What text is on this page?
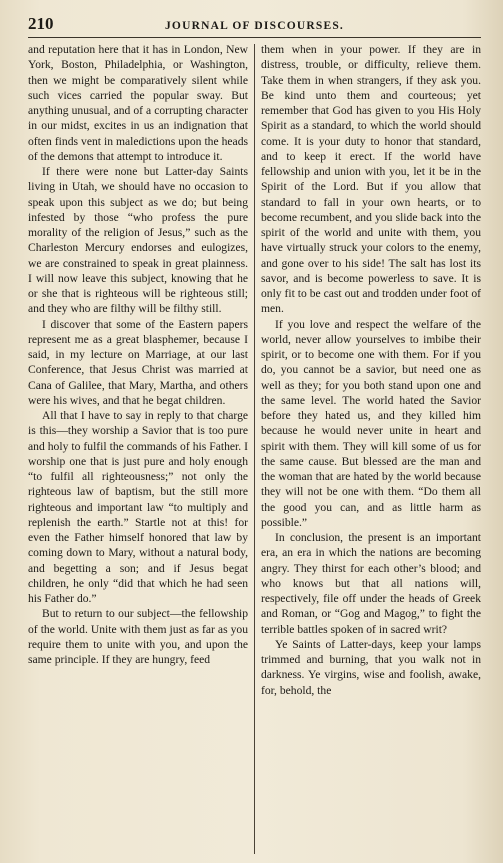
210	JOURNAL OF DISCOURSES.

and reputation here that it has in London, New York, Boston, Philadelphia, or Washington, then we might be comparatively silent while such vices carried the popular sway. But anything unusual, and of a corrupting character in our midst, excites in us an indignation that often finds vent in maledictions upon the heads of the demons that attempt to introduce it.

If there were none but Latter-day Saints living in Utah, we should have no occasion to speak upon this subject as we do; but being infested by those “who profess the pure morality of the religion of Jesus,” such as the Charleston Mercury endorses and eulogizes, we are constrained to speak in great plainness. I will now leave this subject, knowing that he or she that is righteous will be righteous still; and they who are filthy will be filthy still.

I discover that some of the Eastern papers represent me as a great blasphemer, because I said, in my lecture on Marriage, at our last Conference, that Jesus Christ was married at Cana of Galilee, that Mary, Martha, and others were his wives, and that he begat children.

All that I have to say in reply to that charge is this—they worship a Savior that is too pure and holy to fulfil the commands of his Father. I worship one that is just pure and holy enough “to fulfil all righteousness;” not only the righteous law of baptism, but the still more righteous and important law “to multiply and replenish the earth.” Startle not at this! for even the Father himself honored that law by coming down to Mary, without a natural body, and begetting a son; and if Jesus begat children, he only “did that which he had seen his Father do.”

But to return to our subject—the fellowship of the world. Unite with them just as far as you require them to unite with you, and upon the same principle. If they are hungry, feed

them when in your power. If they are in distress, trouble, or difficulty, relieve them. Take them in when strangers, if they ask you. Be kind unto them and courteous; yet remember that God has given to you His Holy Spirit as a standard, to which the world should come. It is your duty to honor that standard, and to keep it erect. If the world have fellowship and union with you, let it be in the Spirit of the Lord. But if you allow that standard to fall in your own hearts, or to become recumbent, and you slide back into the spirit of the world and unite with them, you have virtually struck your colors to the enemy, and gone over to his side! The salt has lost its savor, and is become powerless to save. It is only fit to be cast out and trodden under foot of men.

If you love and respect the welfare of the world, never allow yourselves to imbibe their spirit, or to become one with them. For if you do, you cannot be a savior, but need one as well as they; for you both stand upon one and the same level. The world hated the Savior before they hated us, and they killed him because he would never unite in heart and spirit with them. They will kill some of us for the same cause. But blessed are the man and the woman that are hated by the world because they will not be one with them. “Do them all the good you can, and as little harm as possible.”

In conclusion, the present is an important era, an era in which the nations are becoming angry. They thirst for each other’s blood; and who knows but that all nations will, respectively, file off under the heads of Greek and Roman, or “Gog and Magog,” to fight the terrible battles spoken of in sacred writ?

Ye Saints of Latter-days, keep your lamps trimmed and burning, that you walk not in darkness. Ye virgins, wise and foolish, awake, for, behold, the
